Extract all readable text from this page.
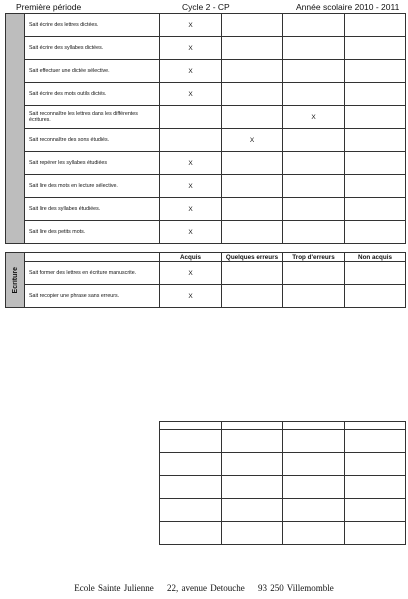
Première période	Cycle 2 - CP	Année scolaire 2010 - 2011
	Sait écrire des lettres dictées.	X			
	Sait écrire des syllabes dictées.	X			
	Sait effectuer une dictée sélective.	X			
	Sait écrire des mots outils dictés.	X			
	Sait reconnaître les lettres dans les différentes écritures.			X	
	Sait reconnaître des sons étudiés.		X		
	Sait repérer les syllabes étudiées	X			
	Sait lire des mots en lecture sélective.	X			
	Sait lire des syllabes étudiées.	X			
	Sait lire des petits mots.	X			
Ecriture		Acquis	Quelques erreurs	Trop d'erreurs	Non acquis
	Sait former des lettres en écriture manuscrite.	X			
	Sait recopier une phrase sans erreurs.	X			

Ecole Sainte Julienne 22, avenue Detouche 93 250 Villemomble
